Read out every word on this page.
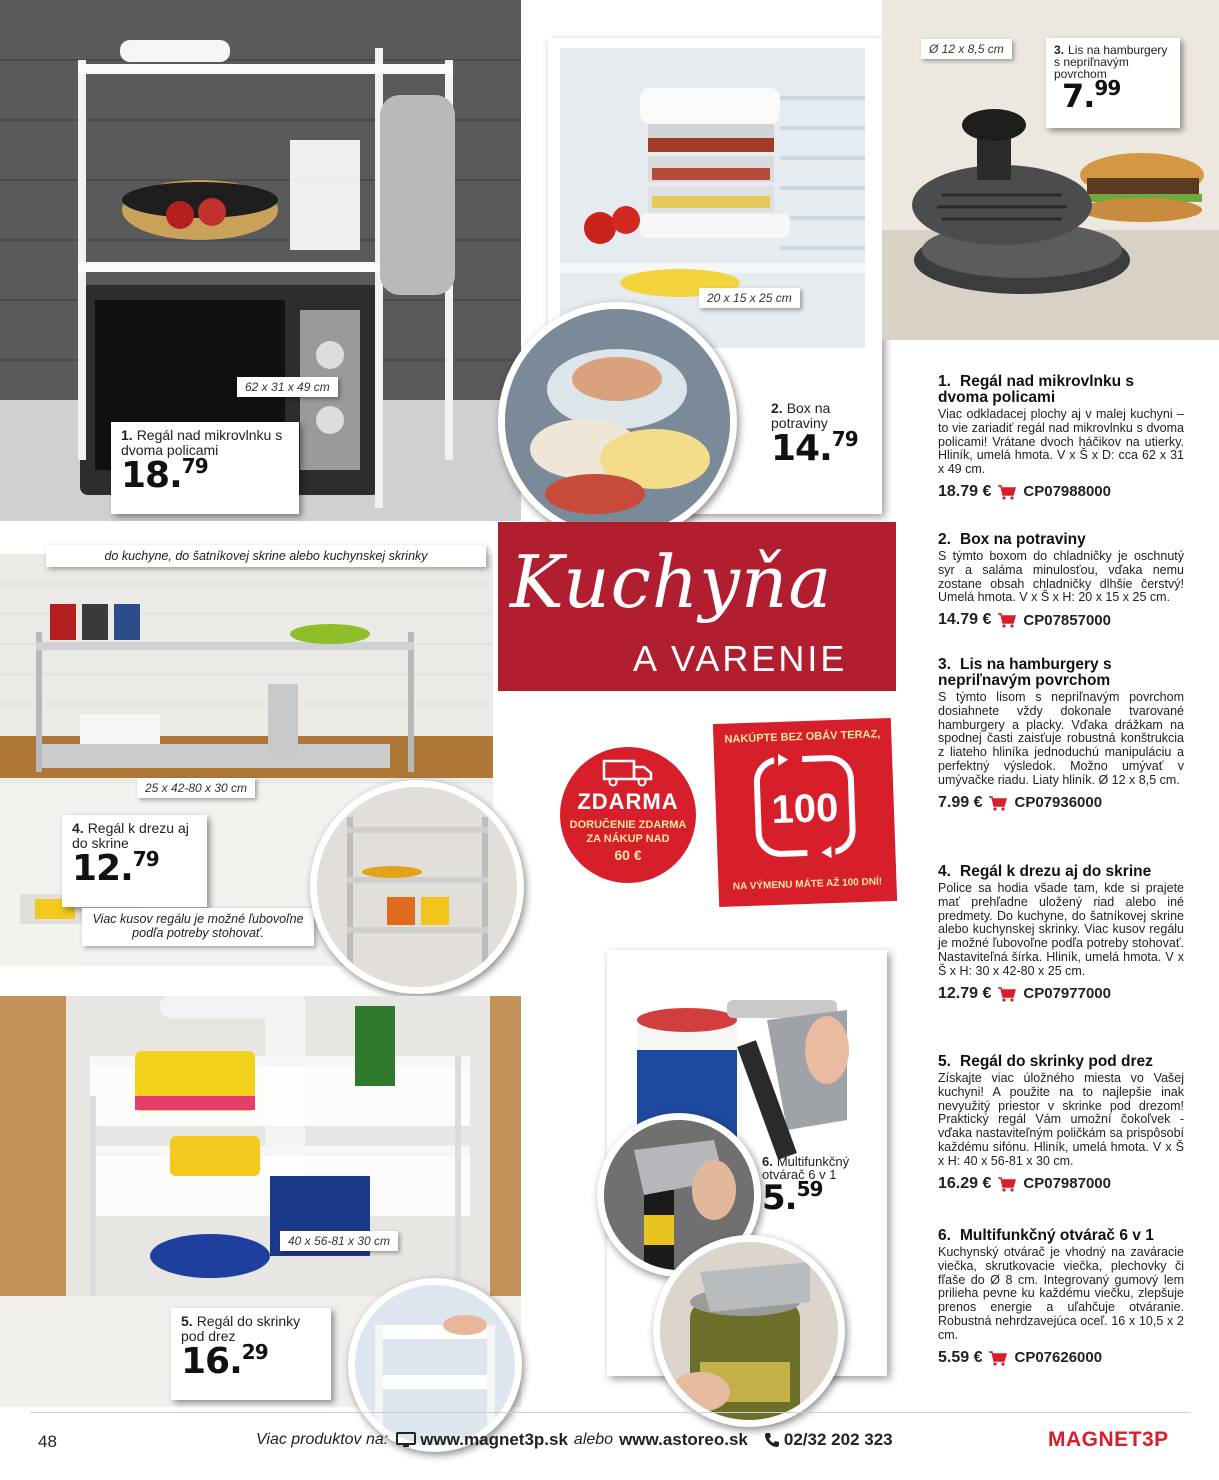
62 x 31 x 49 cm
1. Regál nad mikrovlnku s dvoma policami
18.79
20 x 15 x 25 cm
2. Box na potraviny
14.79
Ø 12 x 8,5 cm	3. Lis na hamburgery s nepriľnavým povrchom
7.99
Kuchyňa
A VARENIE
do kuchyne, do šatníkovej skrine alebo kuchynskej skrinky
25 x 42-80 x 30 cm
4. Regál k drezu aj do skrine
12.79
Viac kusov regálu je možné ľubovoľne podľa potreby stohovať.
ZDARMA
DORUČENIE ZDARMA
ZA NÁKUP NAD
60 €
NAKÚPTE BEZ OBÁV TERAZ,
100
NA VÝMENU MÁTE AŽ 100 DNÍ!
40 x 56-81 x 30 cm
5. Regál do skrinky pod drez
16.29
6. Multifunkčný otvárač 6 v 1
5.59
1. Regál nad mikrovlnku s dvoma policami

Viac odkladacej plochy aj v malej kuchyni – to vie zariadiť regál nad mikrovlnku s dvoma policami! Vrátane dvoch háčikov na utierky. Hliník, umelá hmota. V x Š x D: cca 62 x 31 x 49 cm.

18.79 € CP07988000
2. Box na potraviny

S týmto boxom do chladničky je oschnutý syr a saláma minulosťou, vďaka nemu zostane obsah chladničky dlhšie čerstvý! Umelá hmota. V x Š x H: 20 x 15 x 25 cm.

14.79 € CP07857000
3. Lis na hamburgery s nepriľnavým povrchom

S týmto lisom s nepriľnavým povrchom dosiahnete vždy dokonale tvarované hamburgery a placky. Vďaka drážkam na spodnej časti zaisťuje robustná konštrukcia z liateho hliníka jednoduchú manipuláciu a perfektný výsledok. Možno umývať v umývačke riadu. Liaty hliník. Ø 12 x 8,5 cm.

7.99 € CP07936000
4. Regál k drezu aj do skrine

Police sa hodia všade tam, kde si prajete mať prehľadne uložený riad alebo iné predmety. Do kuchyne, do šatníkovej skrine alebo kuchynskej skrinky. Viac kusov regálu je možné ľubovoľne podľa potreby stohovať. Nastaviteľná šírka. Hliník, umelá hmota. V x Š x H: 30 x 42-80 x 25 cm.

12.79 € CP07977000
5. Regál do skrinky pod drez

Získajte viac úložného miesta vo Vašej kuchyni! A použite na to najlepšie inak nevyužitý priestor v skrinke pod drezom! Praktický regál Vám umožní čokoľvek - vďaka nastaviteľným poličkám sa prispôsobí každému sifónu. Hliník, umelá hmota. V x Š x H: 40 x 56-81 x 30 cm.

16.29 € CP07987000
6. Multifunkčný otvárač 6 v 1

Kuchynský otvárač je vhodný na zaváracie viečka, skrutkovacie viečka, plechovky či fľaše do Ø 8 cm. Integrovaný gumový lem prilieha pevne ku každému viečku, zlepšuje prenos energie a uľahčuje otváranie. Robustná nehrdzavejúca oceľ. 16 x 10,5 x 2 cm.

5.59 € CP07626000
48	Viac produktov na: www.magnet3p.sk alebo www.astoreo.sk 02/32 202 323	MAGNET3P
